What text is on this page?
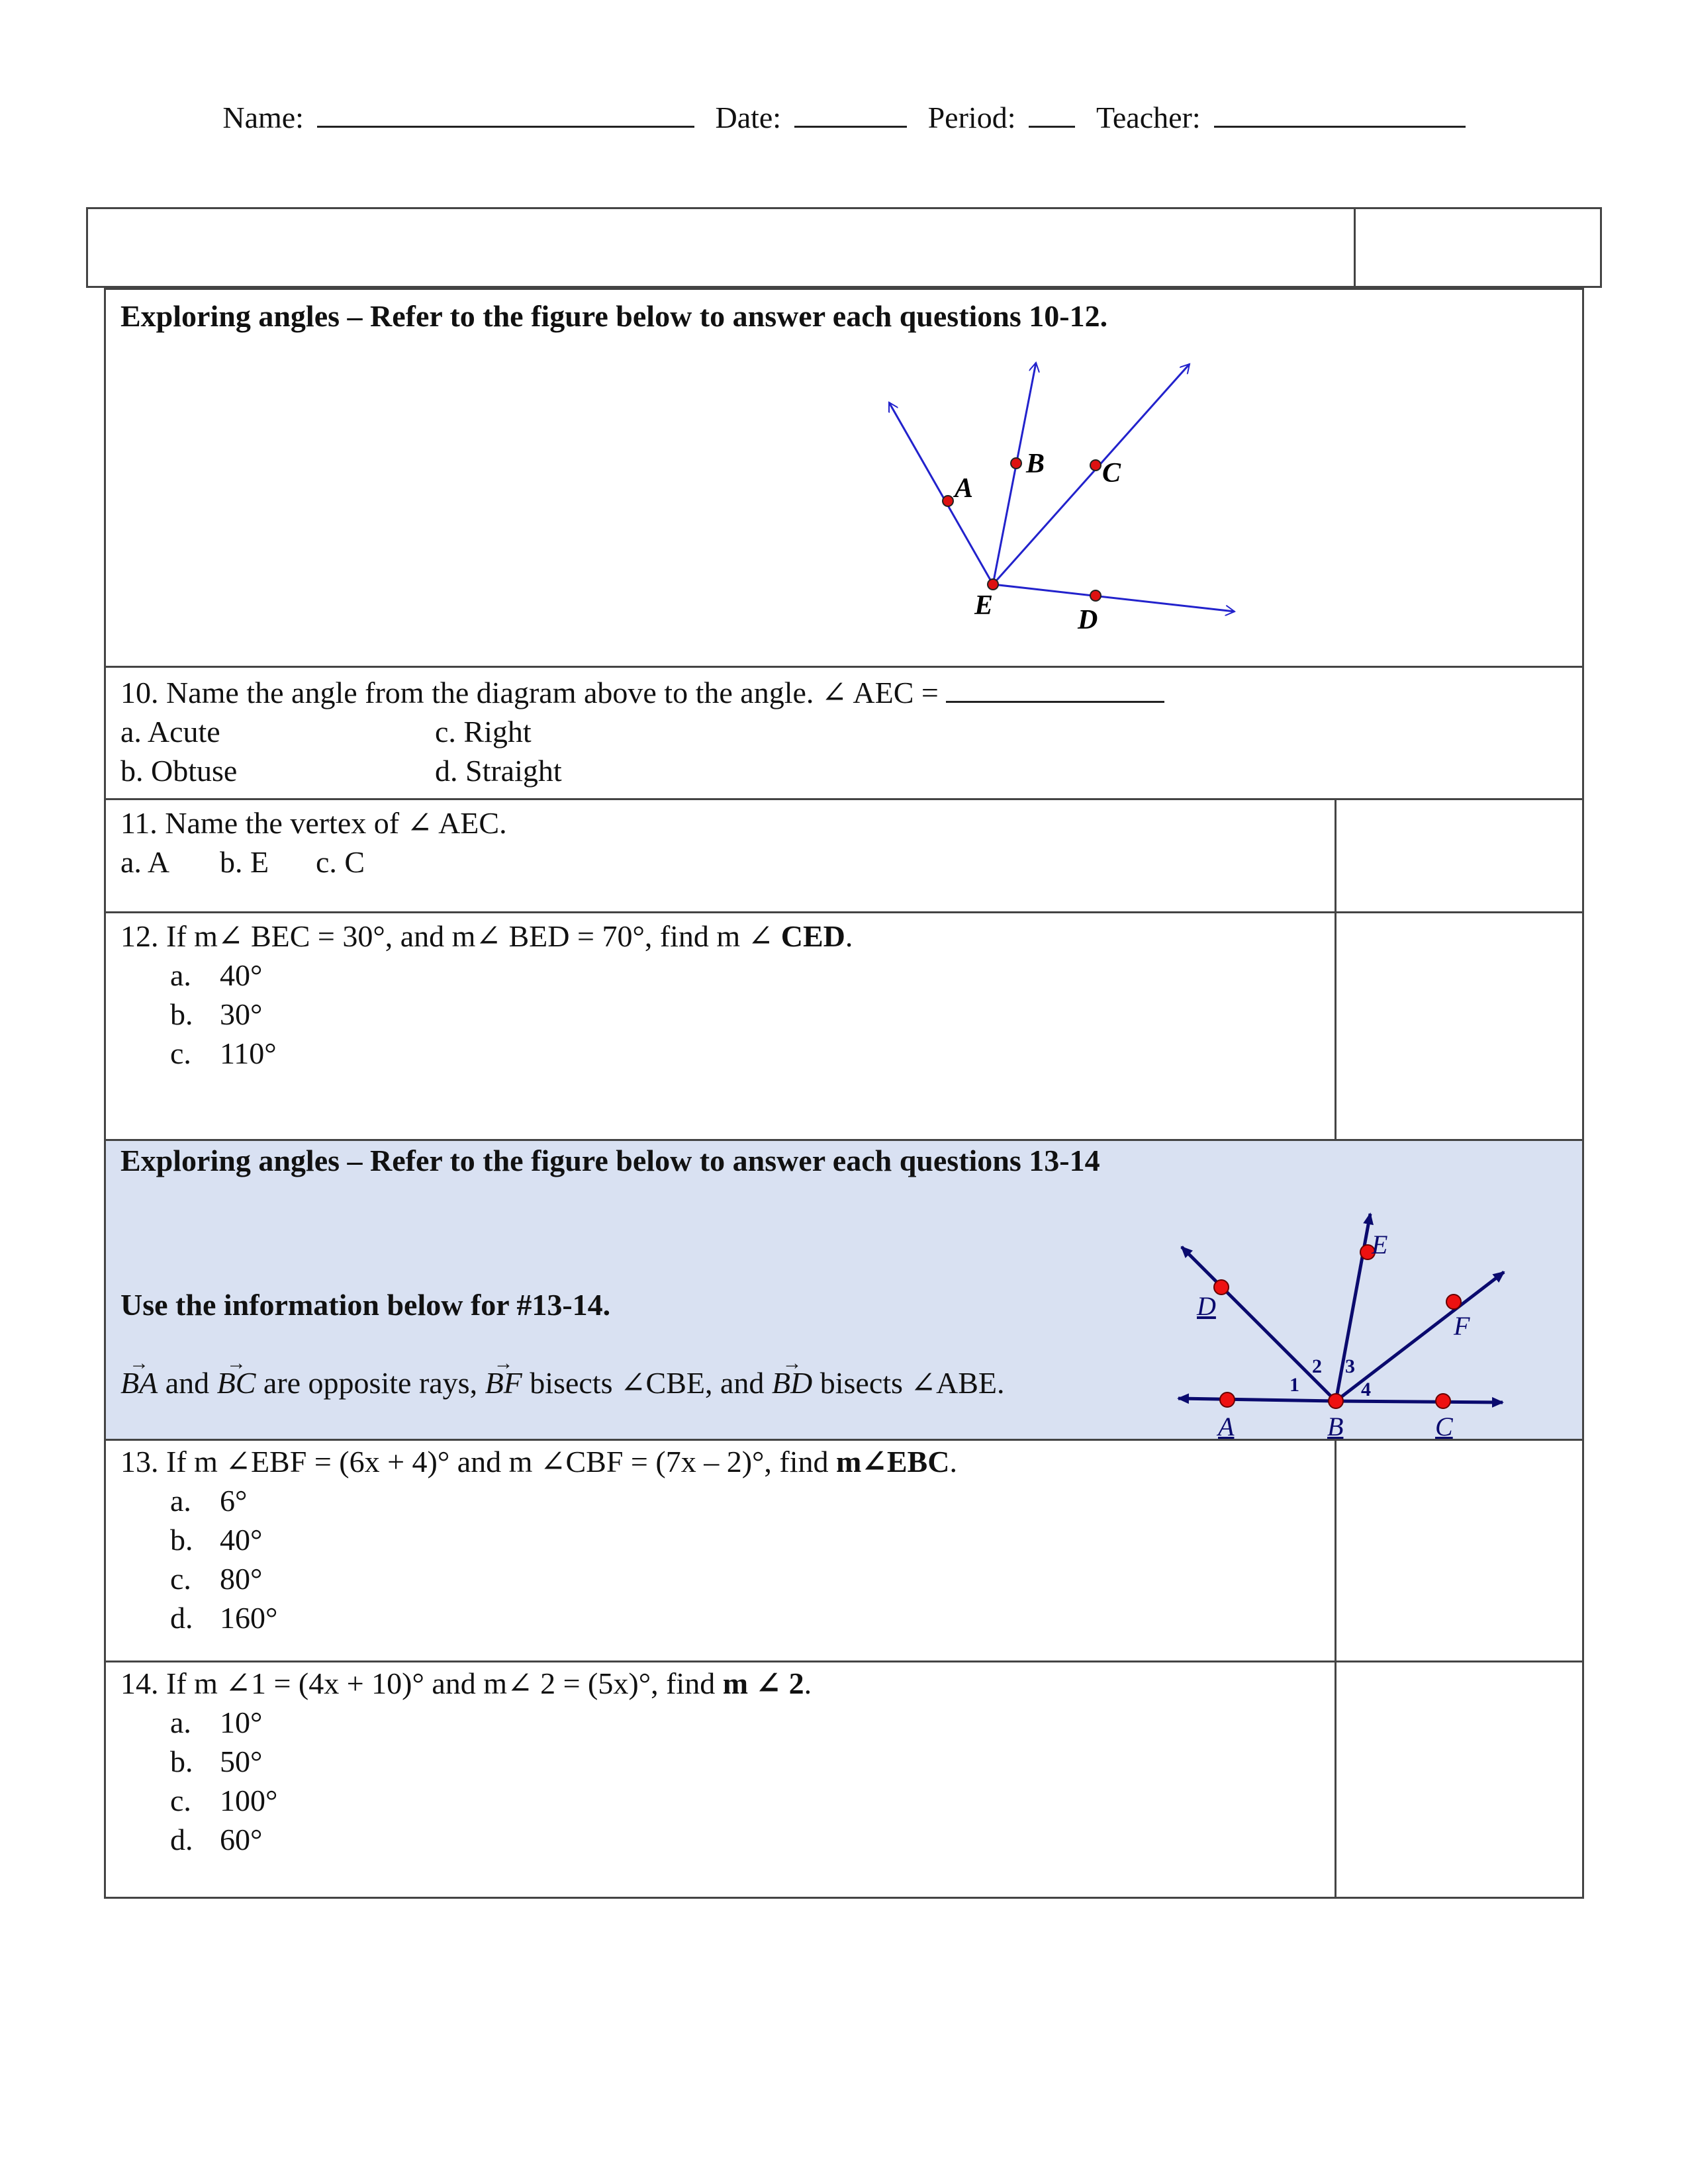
Name:	Date:	Period:	Teacher:
Exploring angles – Refer to the figure below to answer each questions 10-12.
A
B C
E	D
10. Name the angle from the diagram above to the angle. ∠ AEC =
a. Acute	c. Right
b. Obtuse	d. Straight
11. Name the vertex of ∠ AEC.
a. A b. E c. C
12. If m∠ BEC = 30°, and m∠ BED = 70°, find m ∠ CED.
a. 40°
b. 30°
c. 110°
Exploring angles – Refer to the figure below to answer each questions 13-14
Use the information below for #13-14.
→ BA and → BC are opposite rays, → BF bisects ∠CBE, and → BD bisects ∠ABE.
A	B	C
D
E
F
1
2 3
4
13. If m ∠EBF = (6x + 4)° and m ∠CBF = (7x – 2)°, find m∠EBC.
a. 6°
b. 40°
c. 80°
d. 160°
14. If m ∠1 = (4x + 10)° and m∠ 2 = (5x)°, find m ∠ 2.
a. 10°
b. 50°
c. 100°
d. 60°
